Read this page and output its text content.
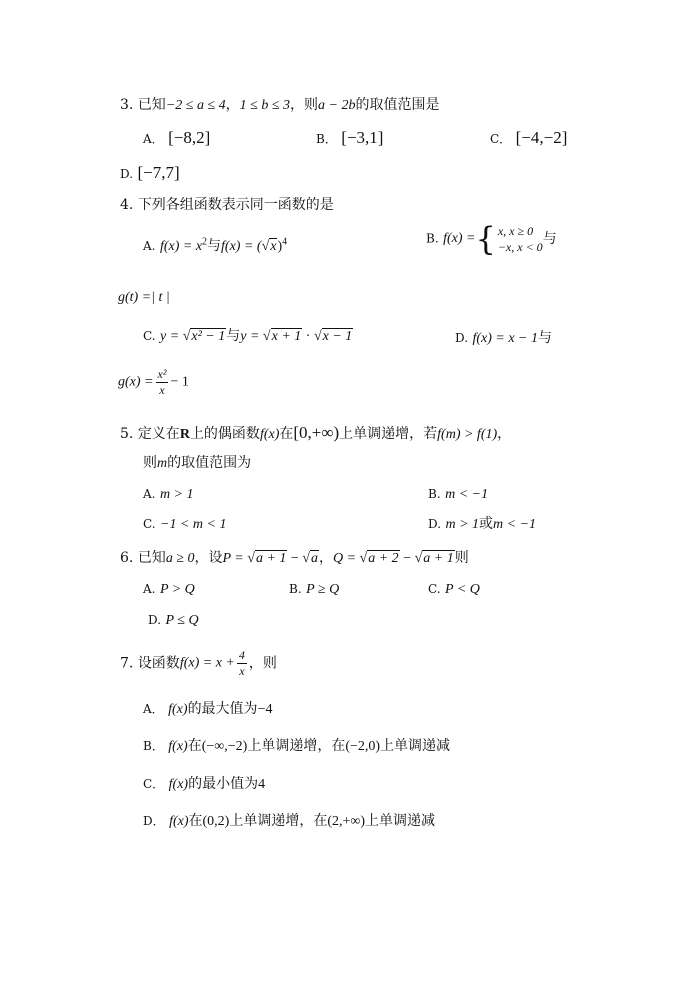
3. 已知−2 ≤ a ≤ 4，1 ≤ b ≤ 3，则a − 2b的取值范围是
A． [−8,2]	B． [−3,1]	C． [−4,−2]
D. [−7,7]
4. 下列各组函数表示同一函数的是
A. $f(x) = x^2$与$f(x) = (√x)^4$	B. f(x) ={ x, x ≥ 0
−x, x < 0
与
g(t) =| t |
C. y = √x² − 1与y = √x + 1 · √x − 1	D. f(x) = x − 1与
$g(x) = \frac{\text{x²}}{x} - 1$
5. 定义在R上的偶函数f(x)在[0,+∞)上单调递增，若f(m) > f(1)，
则m的取值范围为
A. m > 1	B. m < −1
C. −1 < m < 1	D. m > 1或m < −1
6. 已知a ≥ 0，设P = √a + 1 − √a，Q = √a + 2 − √a + 1则
A. P > Q	B. P ≥ Q	C. P < Q
D. P ≤ Q
7. 设函数$f(x) = x + \frac{4}{x}$ ，则
A． f(x)的最大值为−4
B． f(x)在(−∞,−2)上单调递增，在(−2,0)上单调递减
C． f(x)的最小值为4
D． f(x)在(0,2)上单调递增，在(2,+∞)上单调递减
